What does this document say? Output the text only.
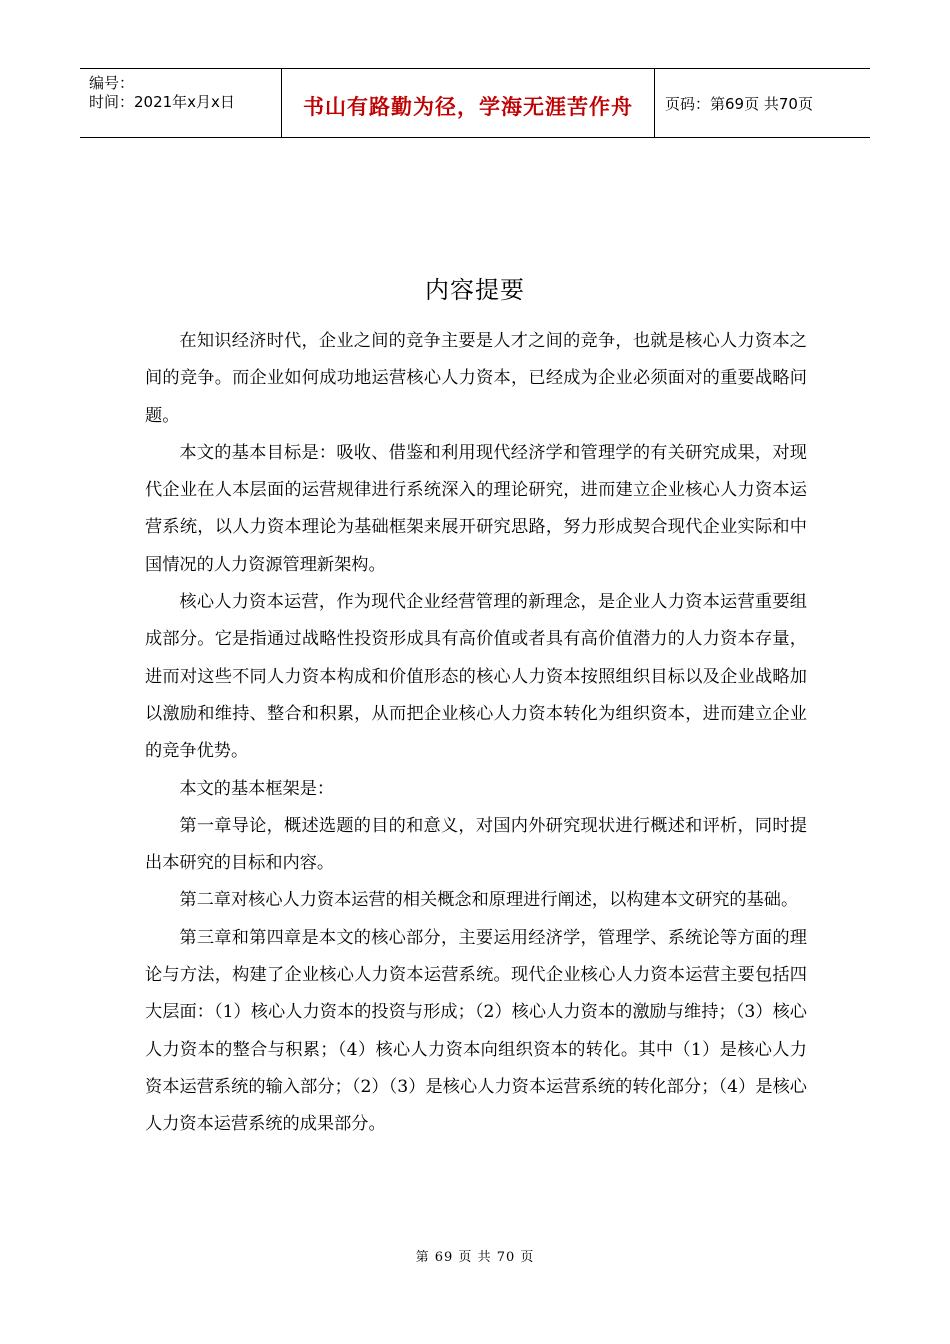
编号：
时间：2021年x月x日	书山有路勤为径，学海无涯苦作舟	页码：第69页 共70页
内容提要

在知识经济时代，企业之间的竞争主要是人才之间的竞争，也就是核心人力资本之间的竞争。而企业如何成功地运营核心人力资本，已经成为企业必须面对的重要战略问题。

本文的基本目标是：吸收、借鉴和利用现代经济学和管理学的有关研究成果，对现代企业在人本层面的运营规律进行系统深入的理论研究，进而建立企业核心人力资本运营系统，以人力资本理论为基础框架来展开研究思路，努力形成契合现代企业实际和中国情况的人力资源管理新架构。

核心人力资本运营，作为现代企业经营管理的新理念，是企业人力资本运营重要组成部分。它是指通过战略性投资形成具有高价值或者具有高价值潜力的人力资本存量，进而对这些不同人力资本构成和价值形态的核心人力资本按照组织目标以及企业战略加以激励和维持、整合和积累，从而把企业核心人力资本转化为组织资本，进而建立企业的竞争优势。

本文的基本框架是：

第一章导论，概述选题的目的和意义，对国内外研究现状进行概述和评析，同时提出本研究的目标和内容。

第二章对核心人力资本运营的相关概念和原理进行阐述，以构建本文研究的基础。

第三章和第四章是本文的核心部分，主要运用经济学，管理学、系统论等方面的理论与方法，构建了企业核心人力资本运营系统。现代企业核心人力资本运营主要包括四大层面：（1）核心人力资本的投资与形成；（2）核心人力资本的激励与维持；（3）核心人力资本的整合与积累；（4）核心人力资本向组织资本的转化。其中（1）是核心人力资本运营系统的输入部分；（2）（3）是核心人力资本运营系统的转化部分；（4）是核心人力资本运营系统的成果部分。

第 69 页 共 70 页
